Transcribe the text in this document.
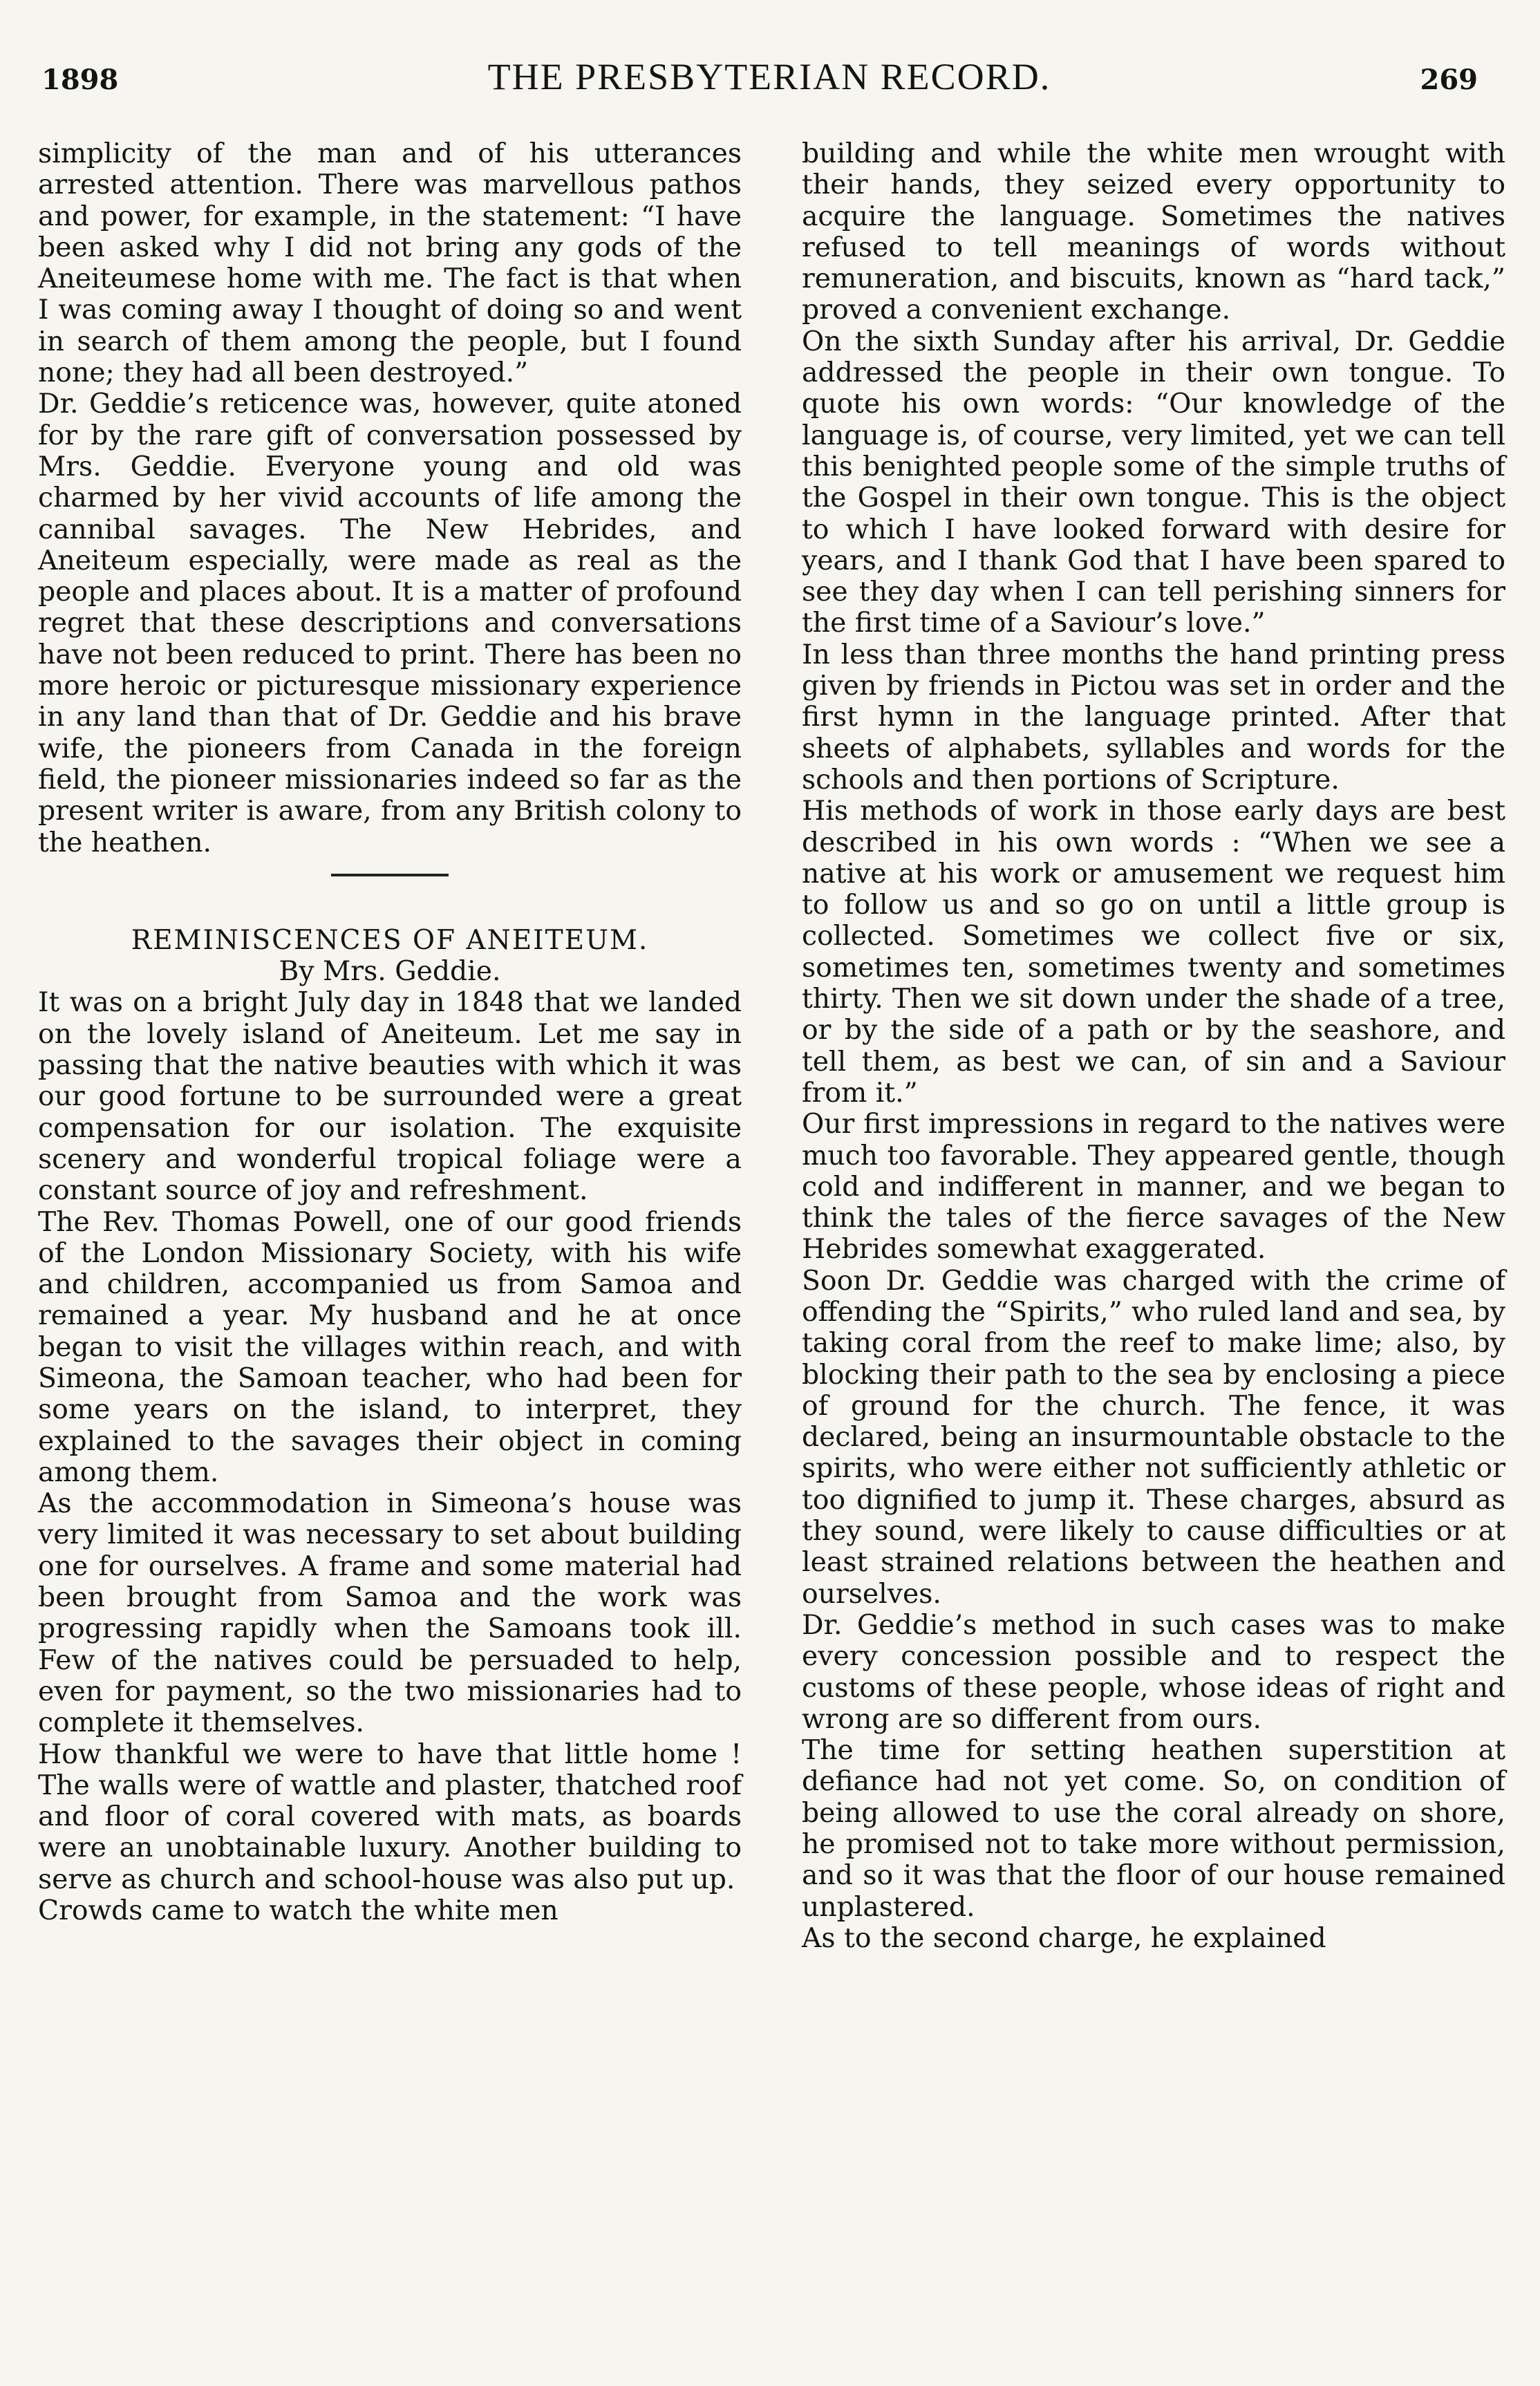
1898	THE PRESBYTERIAN RECORD.	269

simplicity of the man and of his utterances arrested attention. There was marvellous pathos and power, for example, in the statement: “I have been asked why I did not bring any gods of the Aneiteumese home with me. The fact is that when I was coming away I thought of doing so and went in search of them among the people, but I found none; they had all been destroyed.”

Dr. Geddie’s reticence was, however, quite atoned for by the rare gift of conversation possessed by Mrs. Geddie. Everyone young and old was charmed by her vivid accounts of life among the cannibal savages. The New Hebrides, and Aneiteum especially, were made as real as the people and places about. It is a matter of profound regret that these descriptions and conversations have not been reduced to print. There has been no more heroic or picturesque missionary experience in any land than that of Dr. Geddie and his brave wife, the pioneers from Canada in the foreign field, the pioneer missionaries indeed so far as the present writer is aware, from any British colony to the heathen.

REMINISCENCES OF ANEITEUM.

By Mrs. Geddie.

It was on a bright July day in 1848 that we landed on the lovely island of Aneiteum. Let me say in passing that the native beauties with which it was our good fortune to be surrounded were a great compensation for our isolation. The exquisite scenery and wonderful tropical foliage were a constant source of joy and refreshment.

The Rev. Thomas Powell, one of our good friends of the London Missionary Society, with his wife and children, accompanied us from Samoa and remained a year. My husband and he at once began to visit the villages within reach, and with Simeona, the Samoan teacher, who had been for some years on the island, to interpret, they explained to the savages their object in coming among them.

As the accommodation in Simeona’s house was very limited it was necessary to set about building one for ourselves. A frame and some material had been brought from Samoa and the work was progressing rapidly when the Samoans took ill. Few of the natives could be persuaded to help, even for payment, so the two missionaries had to complete it themselves.

How thankful we were to have that little home ! The walls were of wattle and plaster, thatched roof and floor of coral covered with mats, as boards were an unobtainable luxury. Another building to serve as church and school-house was also put up.

Crowds came to watch the white men

building and while the white men wrought with their hands, they seized every opportunity to acquire the language. Sometimes the natives refused to tell meanings of words without remuneration, and biscuits, known as “hard tack,” proved a convenient exchange.

On the sixth Sunday after his arrival, Dr. Geddie addressed the people in their own tongue. To quote his own words: “Our knowledge of the language is, of course, very limited, yet we can tell this benighted people some of the simple truths of the Gospel in their own tongue. This is the object to which I have looked forward with desire for years, and I thank God that I have been spared to see they day when I can tell perishing sinners for the first time of a Saviour’s love.”

In less than three months the hand printing press given by friends in Pictou was set in order and the first hymn in the language printed. After that sheets of alphabets, syllables and words for the schools and then portions of Scripture.

His methods of work in those early days are best described in his own words : “When we see a native at his work or amusement we request him to follow us and so go on until a little group is collected. Sometimes we collect five or six, sometimes ten, sometimes twenty and sometimes thirty. Then we sit down under the shade of a tree, or by the side of a path or by the seashore, and tell them, as best we can, of sin and a Saviour from it.”

Our first impressions in regard to the natives were much too favorable. They appeared gentle, though cold and indifferent in manner, and we began to think the tales of the fierce savages of the New Hebrides somewhat exaggerated.

Soon Dr. Geddie was charged with the crime of offending the “Spirits,” who ruled land and sea, by taking coral from the reef to make lime; also, by blocking their path to the sea by enclosing a piece of ground for the church. The fence, it was declared, being an insurmountable obstacle to the spirits, who were either not sufficiently athletic or too dignified to jump it. These charges, absurd as they sound, were likely to cause difficulties or at least strained relations between the heathen and ourselves.

Dr. Geddie’s method in such cases was to make every concession possible and to respect the customs of these people, whose ideas of right and wrong are so different from ours.

The time for setting heathen superstition at defiance had not yet come. So, on condition of being allowed to use the coral already on shore, he promised not to take more without permission, and so it was that the floor of our house remained unplastered.

As to the second charge, he explained
